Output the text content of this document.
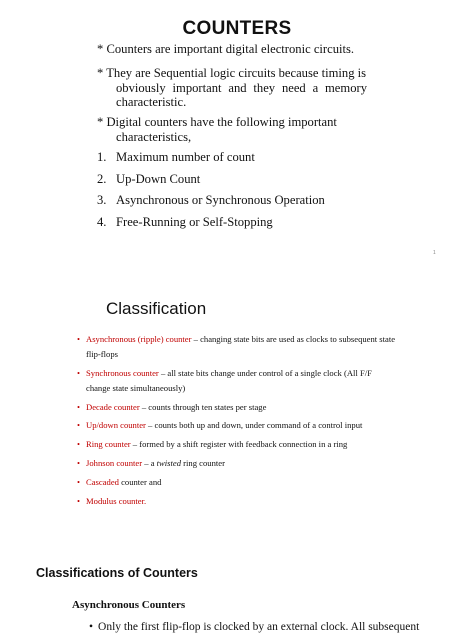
COUNTERS
* Counters are important digital electronic circuits.
* They are Sequential logic circuits because timing is
obviously important and they need a memory characteristic.
* Digital counters have the following important
characteristics,
1. Maximum number of count
2. Up-Down Count
3. Asynchronous or Synchronous Operation
4. Free-Running or Self-Stopping
1
Classification
• Asynchronous (ripple) counter – changing state bits are used as clocks to subsequent state flip-flops
• Synchronous counter – all state bits change under control of a single clock (All F/F change state simultaneously)
• Decade counter – counts through ten states per stage
• Up/down counter – counts both up and down, under command of a control input
• Ring counter – formed by a shift register with feedback connection in a ring
• Johnson counter – a twisted ring counter
• Cascaded counter and
• Modulus counter.
Classifications of Counters
Asynchronous Counters
• Only the first flip-flop is clocked by an external clock. All subsequent
